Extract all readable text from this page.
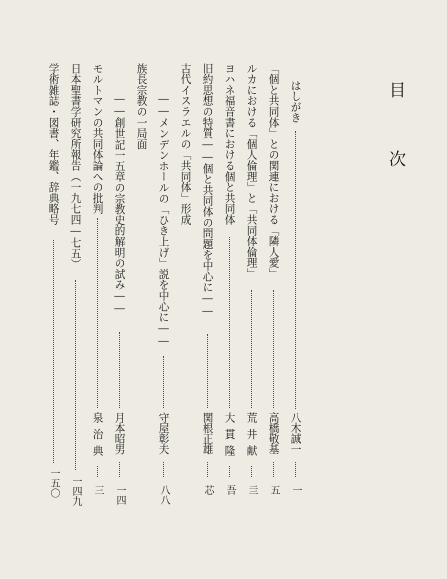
目
次
はしがき
八木誠一
一
「個と共同体」との関連における「隣人愛」
高橋敬基
五
ルカにおける「個人倫理」と「共同体倫理」
荒井献
亖
ヨハネ福音書における個と共同体
大貫隆
吾
旧約思想の特質――個と共同体の問題を中心に――
関根正雄
芯
古代イスラエルの「共同体」形成
――メンデンホールの「ひき上げ」説を中心に――
守屋彰夫
八八
族長宗教の一局面
――創世記一五章の宗教史的解明の試み――
月本昭男
一四
モルトマンの共同体論への批判
泉治典
三
日本聖書学研究所報告（一九七四―七五）
一四九
学術雑誌・図書、年鑑、辞典略号
一五〇
